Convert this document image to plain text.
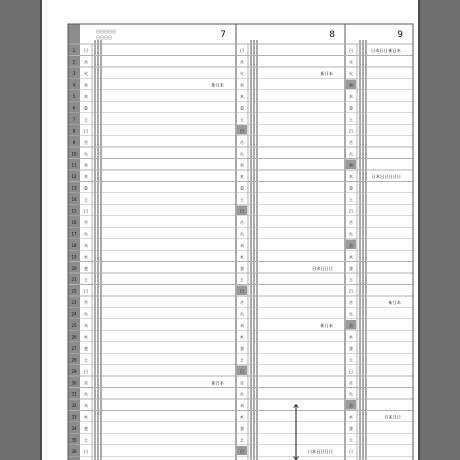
1
2
3
4
5
6
7
8
9
10
11
12
13
14
15
16
17
18
19
20
21
22
23
24
25
26
27
28
29
30
31
32
33
34
35
36
日
月
火
水
木
金
土
日
月
火
水
木
金
土
日
月
火
水
木
金
土
日
月
火
水
木
金
土
日
月
火
水
木
金
土
日
7
日日日日日
日日日日
新日本
新日本
日
月
火
水
木
金
土
日
月
火
水
木
金
土
日
月
火
水
木
金
土
日
月
火
水
木
金
土
日
月
火
水
木
金
土
日
8
新日本
日本日日日
新日本
日本日日日日
日
月
火
水
木
金
土
日
月
火
水
木
金
土
日
月
火
水
木
金
土
日
月
火
水
木
金
土
日
月
火
水
木
金
土
日
9
日本日日 新日本
日本日日日日日
新日本
日本日日
